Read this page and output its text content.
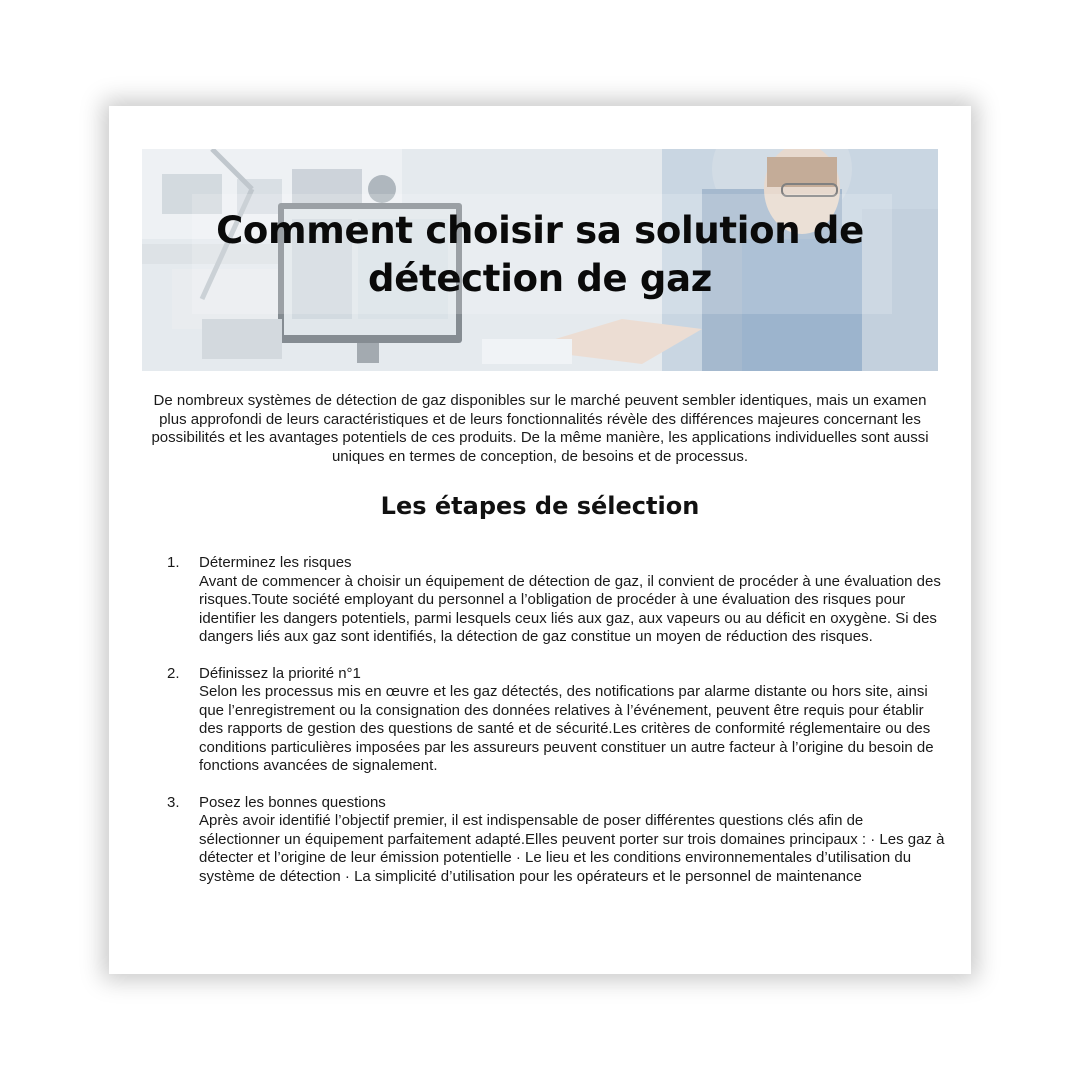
Comment choisir sa solution de
détection de gaz

De nombreux systèmes de détection de gaz disponibles sur le marché peuvent sembler identiques, mais un examen plus approfondi de leurs caractéristiques et de leurs fonctionnalités révèle des différences majeures concernant les possibilités et les avantages potentiels de ces produits. De la même manière, les applications individuelles sont aussi uniques en termes de conception, de besoins et de processus.

Les étapes de sélection
1. Déterminez les risques
Avant de commencer à choisir un équipement de détection de gaz, il convient de procéder à une évaluation des risques.Toute société employant du personnel a l’obligation de procéder à une évaluation des risques pour identifier les dangers potentiels, parmi lesquels ceux liés aux gaz, aux vapeurs ou au déficit en oxygène. Si des dangers liés aux gaz sont identifiés, la détection de gaz constitue un moyen de réduction des risques.
2. Définissez la priorité n°1
Selon les processus mis en œuvre et les gaz détectés, des notifications par alarme distante ou hors site, ainsi que l’enregistrement ou la consignation des données relatives à l’événement, peuvent être requis pour établir des rapports de gestion des questions de santé et de sécurité.Les critères de conformité réglementaire ou des conditions particulières imposées par les assureurs peuvent constituer un autre facteur à l’origine du besoin de fonctions avancées de signalement.
3. Posez les bonnes questions
Après avoir identifié l’objectif premier, il est indispensable de poser différentes questions clés afin de sélectionner un équipement parfaitement adapté.Elles peuvent porter sur trois domaines principaux : · Les gaz à détecter et l’origine de leur émission potentielle · Le lieu et les conditions environnementales d’utilisation du système de détection · La simplicité d’utilisation pour les opérateurs et le personnel de maintenance
